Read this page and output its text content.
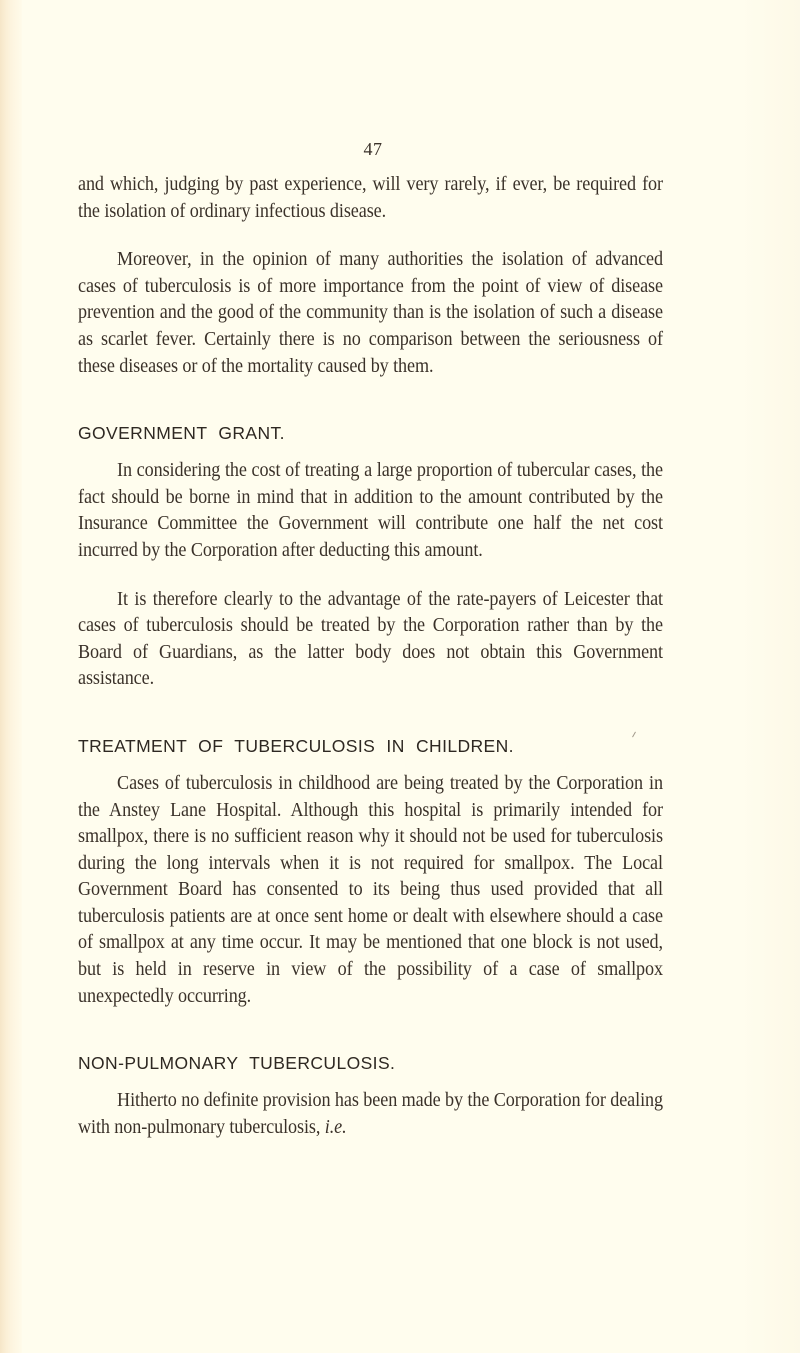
47

and which, judging by past experience, will very rarely, if ever, be required for the isolation of ordinary infectious disease.

Moreover, in the opinion of many authorities the isolation of advanced cases of tuberculosis is of more importance from the point of view of disease prevention and the good of the community than is the isolation of such a disease as scarlet fever. Certainly there is no comparison between the seriousness of these diseases or of the mortality caused by them.

GOVERNMENT GRANT.

In considering the cost of treating a large proportion of tubercular cases, the fact should be borne in mind that in addition to the amount contributed by the Insurance Committee the Government will contribute one half the net cost incurred by the Corporation after deducting this amount.

It is therefore clearly to the advantage of the rate-payers of Leicester that cases of tuberculosis should be treated by the Corporation rather than by the Board of Guardians, as the latter body does not obtain this Government assistance.

TREATMENT OF TUBERCULOSIS IN CHILDREN.

Cases of tuberculosis in childhood are being treated by the Corporation in the Anstey Lane Hospital. Although this hospital is primarily intended for smallpox, there is no sufficient reason why it should not be used for tuberculosis during the long intervals when it is not required for smallpox. The Local Government Board has consented to its being thus used provided that all tuberculosis patients are at once sent home or dealt with elsewhere should a case of smallpox at any time occur. It may be mentioned that one block is not used, but is held in reserve in view of the possibility of a case of smallpox unexpectedly occurring.

NON-PULMONARY TUBERCULOSIS.

Hitherto no definite provision has been made by the Corporation for dealing with non-pulmonary tuberculosis, i.e.
